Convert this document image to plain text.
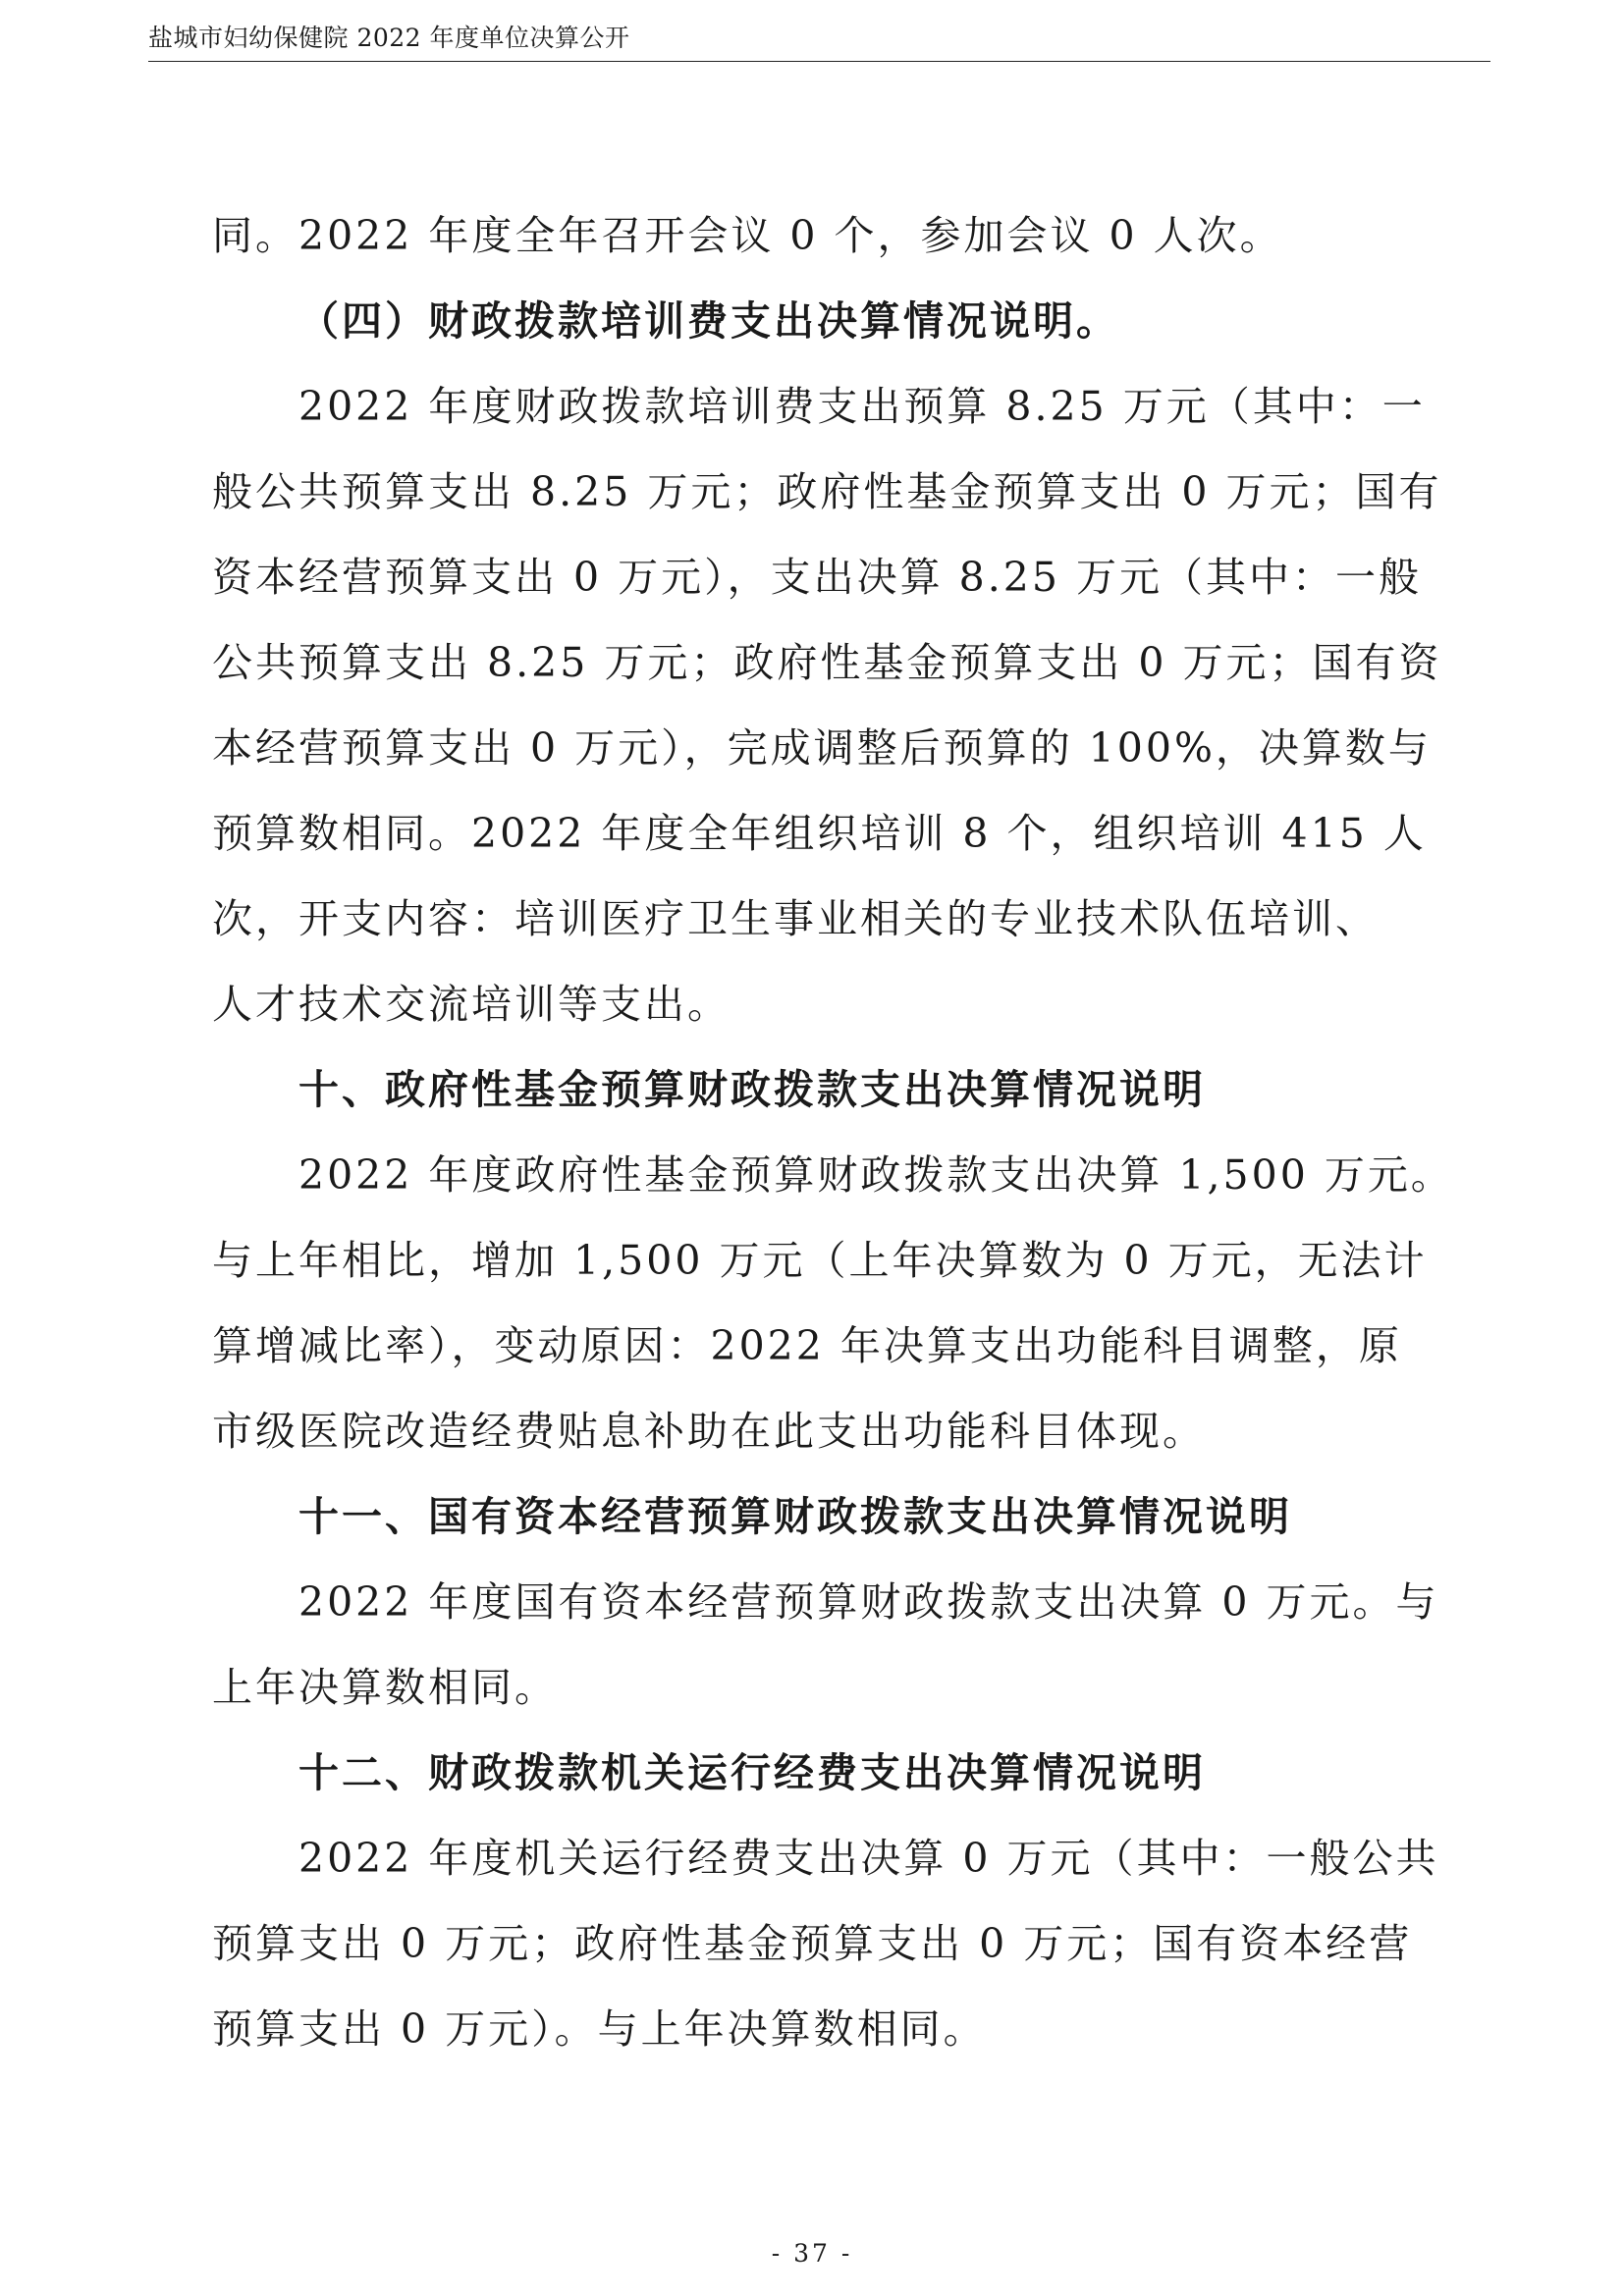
盐城市妇幼保健院 2022 年度单位决算公开
同。2022 年度全年召开会议 0 个，参加会议 0 人次。
（四）财政拨款培训费支出决算情况说明。
2022 年度财政拨款培训费支出预算 8.25 万元（其中：一
般公共预算支出 8.25 万元；政府性基金预算支出 0 万元；国有
资本经营预算支出 0 万元），支出决算 8.25 万元（其中：一般
公共预算支出 8.25 万元；政府性基金预算支出 0 万元；国有资
本经营预算支出 0 万元），完成调整后预算的 100%，决算数与
预算数相同。2022 年度全年组织培训 8 个，组织培训 415 人
次，开支内容：培训医疗卫生事业相关的专业技术队伍培训、
人才技术交流培训等支出。
十、政府性基金预算财政拨款支出决算情况说明
2022 年度政府性基金预算财政拨款支出决算 1,500 万元。
与上年相比，增加 1,500 万元（上年决算数为 0 万元，无法计
算增减比率），变动原因：2022 年决算支出功能科目调整，原
市级医院改造经费贴息补助在此支出功能科目体现。
十一、国有资本经营预算财政拨款支出决算情况说明
2022 年度国有资本经营预算财政拨款支出决算 0 万元。与
上年决算数相同。
十二、财政拨款机关运行经费支出决算情况说明
2022 年度机关运行经费支出决算 0 万元（其中：一般公共
预算支出 0 万元；政府性基金预算支出 0 万元；国有资本经营
预算支出 0 万元）。与上年决算数相同。
- 37 -
